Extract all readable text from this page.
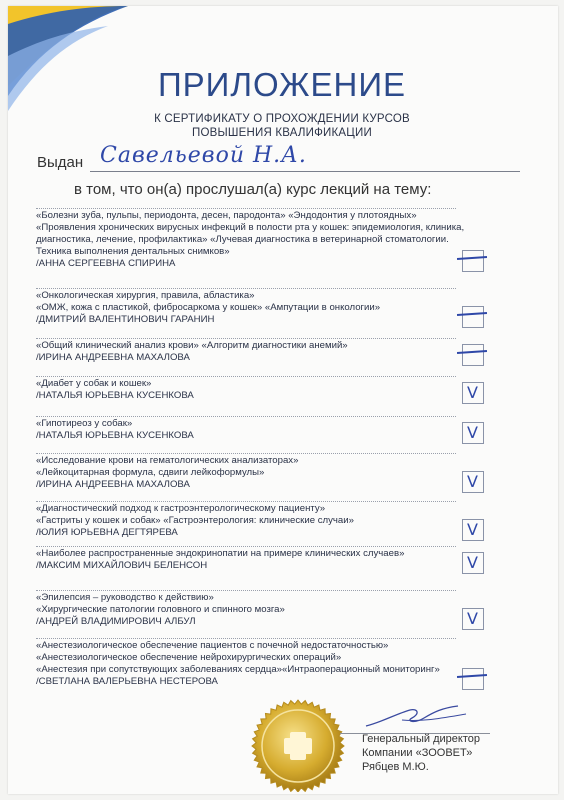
ПРИЛОЖЕНИЕ
К СЕРТИФИКАТУ О ПРОХОЖДЕНИИ КУРСОВ
ПОВЫШЕНИЯ КВАЛИФИКАЦИИ
Выдан Савельевой Н.А.
в том, что он(а) прослушал(а) курс лекций на тему:
«Болезни зуба, пульпы, периодонта, десен, пародонта» «Эндодонтия у плотоядных»
«Проявления хронических вирусных инфекций в полости рта у кошек: эпидемиология, клиника,
диагностика, лечение, профилактика» «Лучевая диагностика в ветеринарной стоматологии.
Техника выполнения дентальных снимков»
/АННА СЕРГЕЕВНА СПИРИНА
«Онкологическая хирургия, правила, абластика»
«ОМЖ, кожа с пластикой, фибросаркома у кошек» «Ампутации в онкологии»
/ДМИТРИЙ ВАЛЕНТИНОВИЧ ГАРАНИН
«Общий клинический анализ крови» «Алгоритм диагностики анемий»
/ИРИНА АНДРЕЕВНА МАХАЛОВА
«Диабет у собак и кошек»
/НАТАЛЬЯ ЮРЬЕВНА КУСЕНКОВА	V
«Гипотиреоз у собак»
/НАТАЛЬЯ ЮРЬЕВНА КУСЕНКОВА	V
«Исследование крови на гематологических анализаторах»
«Лейкоцитарная формула, сдвиги лейкоформулы»
/ИРИНА АНДРЕЕВНА МАХАЛОВА	V
«Диагностический подход к гастроэнтерологическому пациенту»
«Гастриты у кошек и собак» «Гастроэнтерология: клинические случаи»
/ЮЛИЯ ЮРЬЕВНА ДЕГТЯРЕВА	V
«Наиболее распространенные эндокринопатии на примере клинических случаев»
/МАКСИМ МИХАЙЛОВИЧ БЕЛЕНСОН	V
«Эпилепсия – руководство к действию»
«Хирургические патологии головного и спинного мозга»
/АНДРЕЙ ВЛАДИМИРОВИЧ АЛБУЛ	V
«Анестезиологическое обеспечение пациентов с почечной недостаточностью»
«Анестезиологическое обеспечение нейрохирургических операций»
«Анестезия при сопутствующих заболеваниях сердца»«Интраоперационный мониторинг»
/СВЕТЛАНА ВАЛЕРЬЕВНА НЕСТЕРОВА
Генеральный директор
Компании «ЗООВЕТ»
Рябцев М.Ю.
